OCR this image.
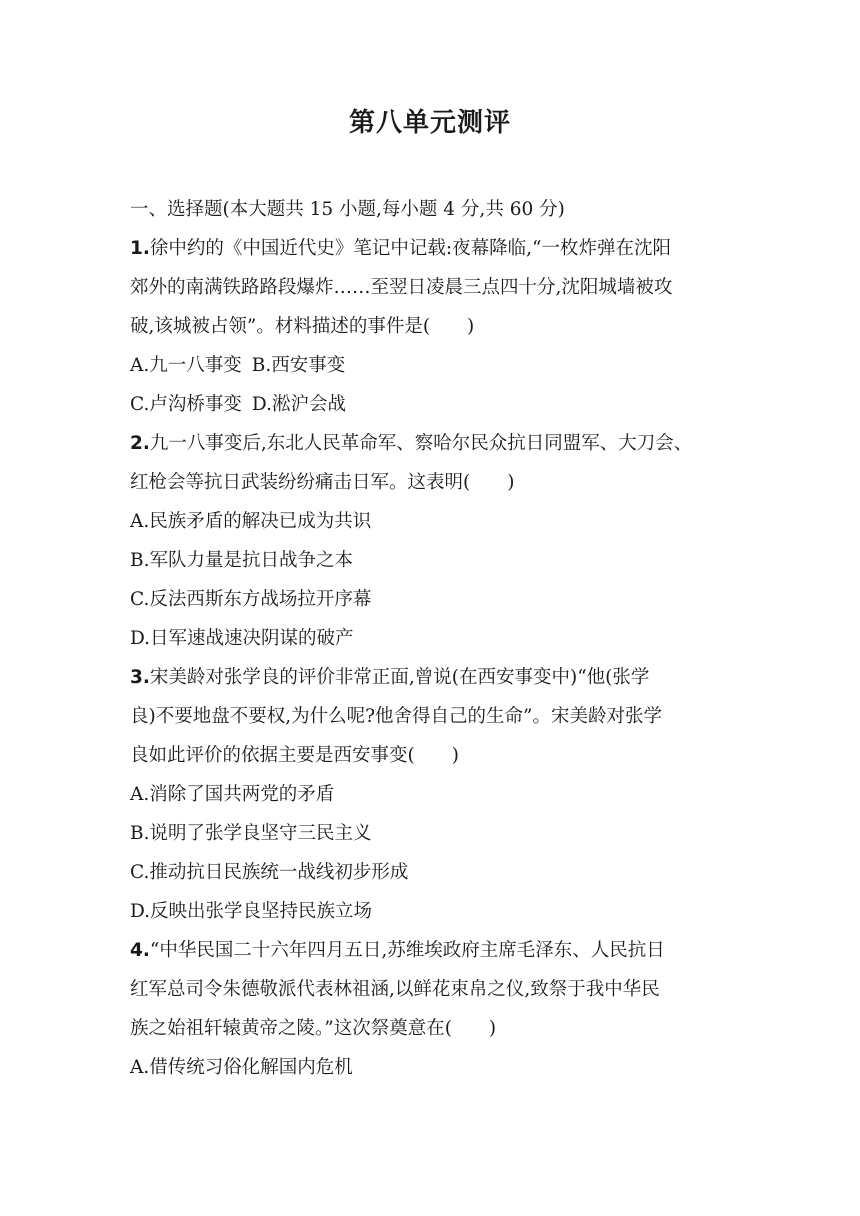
第八单元测评
一、选择题(本大题共 15 小题,每小题 4 分,共 60 分)
1.徐中约的《中国近代史》笔记中记载:夜幕降临,“一枚炸弹在沈阳
郊外的南满铁路路段爆炸……至翌日凌晨三点四十分,沈阳城墙被攻
破,该城被占领”。材料描述的事件是(　　)
A.九一八事变 B.西安事变
C.卢沟桥事变 D.淞沪会战
2.九一八事变后,东北人民革命军、察哈尔民众抗日同盟军、大刀会、
红枪会等抗日武装纷纷痛击日军。这表明(　　)
A.民族矛盾的解决已成为共识
B.军队力量是抗日战争之本
C.反法西斯东方战场拉开序幕
D.日军速战速决阴谋的破产
3.宋美龄对张学良的评价非常正面,曾说(在西安事变中)“他(张学
良)不要地盘不要权,为什么呢?他舍得自己的生命”。宋美龄对张学
良如此评价的依据主要是西安事变(　　)
A.消除了国共两党的矛盾
B.说明了张学良坚守三民主义
C.推动抗日民族统一战线初步形成
D.反映出张学良坚持民族立场
4.“中华民国二十六年四月五日,苏维埃政府主席毛泽东、人民抗日
红军总司令朱德敬派代表林祖涵,以鲜花束帛之仪,致祭于我中华民
族之始祖轩辕黄帝之陵。”这次祭奠意在(　　)
A.借传统习俗化解国内危机
